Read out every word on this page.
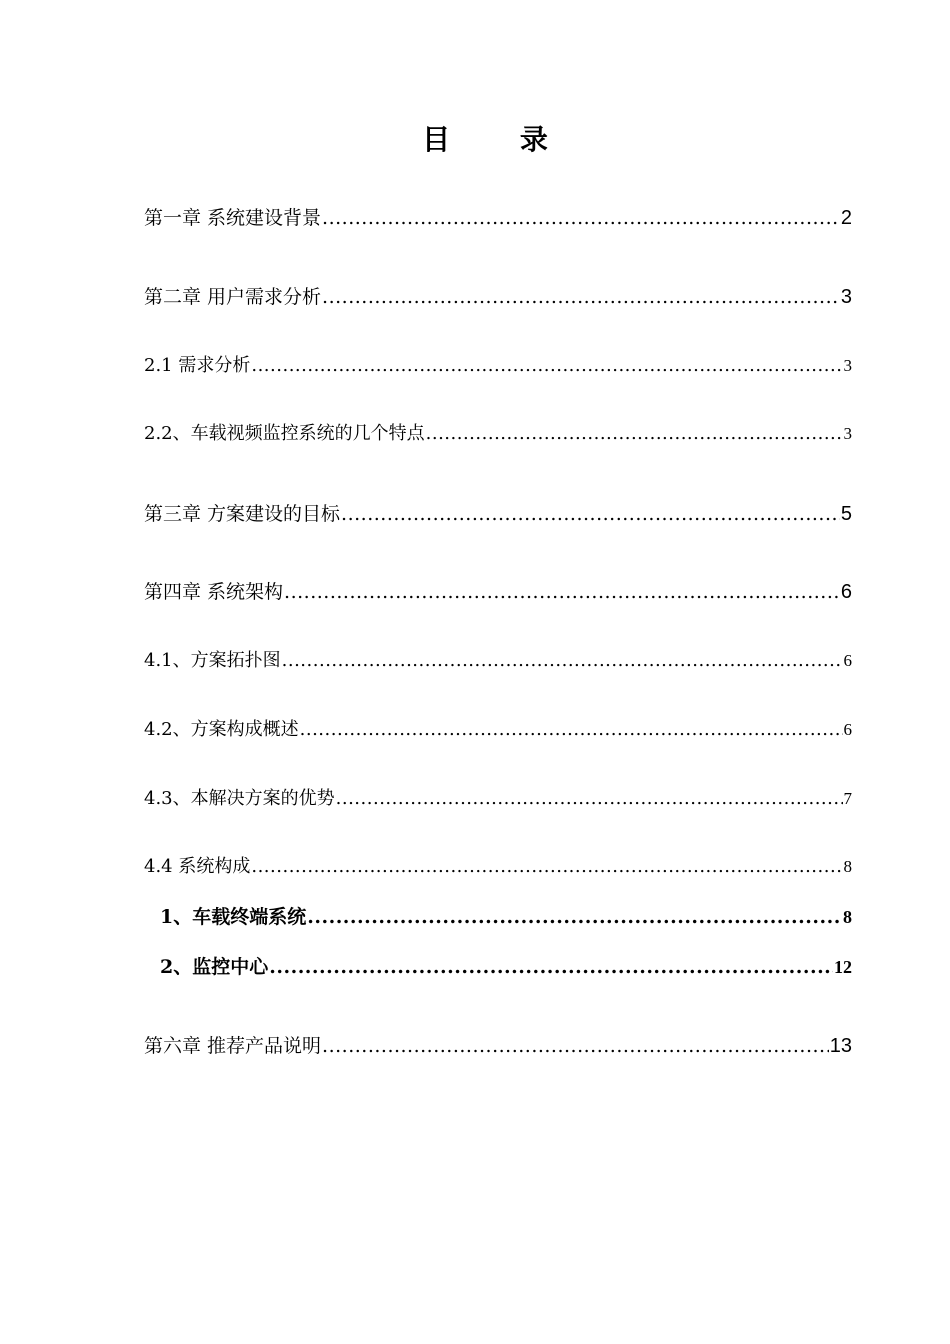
目 录
第一章 系统建设背景 .....	2
第二章 用户需求分析 .....	3
2.1 需求分析 .....	3
2.2、车载视频监控系统的几个特点 .....	3
第三章 方案建设的目标 .....	5
第四章 系统架构 .....	6
4.1、方案拓扑图 .....	6
4.2、方案构成概述 .....	6
4.3、本解决方案的优势 .....	7
4.4 系统构成 .....	8
1、车载终端系统 .....	8
2、监控中心 .....	12
第六章 推荐产品说明 .....	13
